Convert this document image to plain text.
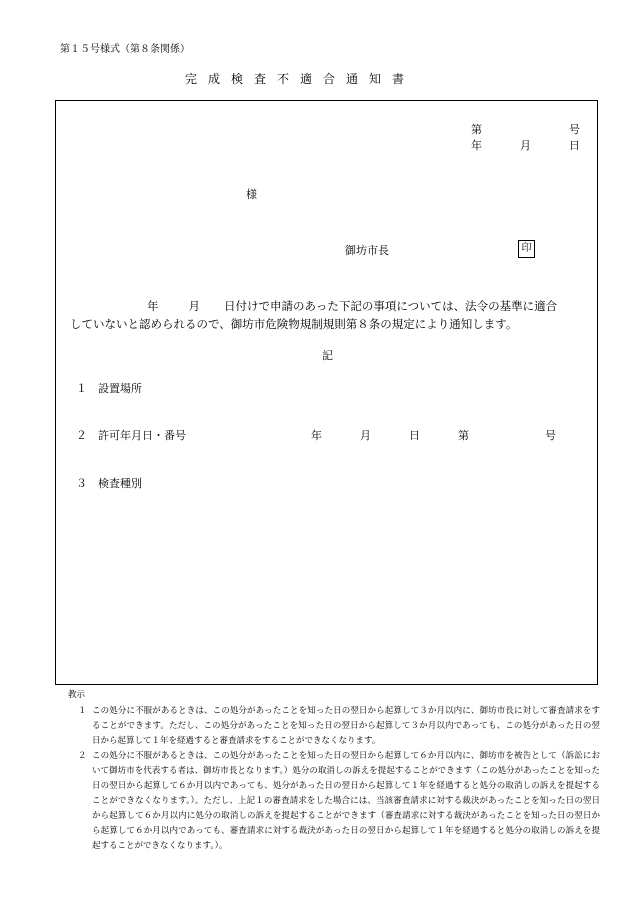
第１５号様式（第８条関係）
完成検査不適合通知書
第	号
年	月	日
様
御坊市長	印
年	月 日付けで申請のあった下記の事項については、法令の基準に適合
していないと認められるので、御坊市危険物規制規則第８条の規定により通知します。
記
１ 設置場所
２ 許可年月日・番号	年	月	日	第	号
３ 検査種別
教示
１ この処分に不服があるときは、この処分があったことを知った日の翌日から起算して３か月以内に、御坊市長に対して審査請求をすることができます。ただし、この処分があったことを知った日の翌日から起算して３か月以内であっても、この処分があった日の翌日から起算して１年を経過すると審査請求をすることができなくなります。
２ この処分に不服があるときは、この処分があったことを知った日の翌日から起算して６か月以内に、御坊市を被告として（訴訟において御坊市を代表する者は、御坊市長となります。）処分の取消しの訴えを提起することができます（この処分があったことを知った日の翌日から起算して６か月以内であっても、処分があった日の翌日から起算して１年を経過すると処分の取消しの訴えを提起することができなくなります。）。ただし、上記１の審査請求をした場合には、当該審査請求に対する裁決があったことを知った日の翌日から起算して６か月以内に処分の取消しの訴えを提起することができます（審査請求に対する裁決があったことを知った日の翌日から起算して６か月以内であっても、審査請求に対する裁決があった日の翌日から起算して１年を経過すると処分の取消しの訴えを提起することができなくなります。）。
